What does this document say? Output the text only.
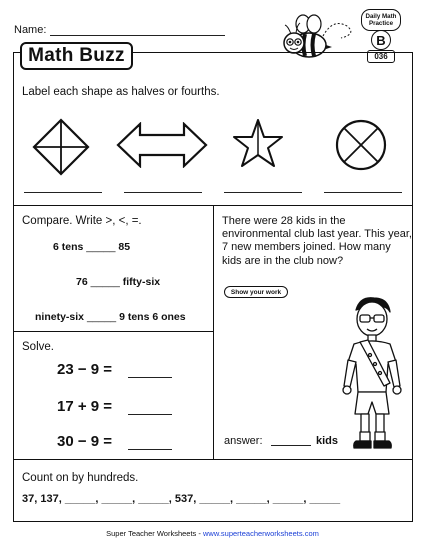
Name:
Daily Math Practice
B
036
Math Buzz
Label each shape as halves or fourths.
Compare. Write >, <, =.
6 tens _____ 85
76 _____ fifty-six
ninety-six _____ 9 tens 6 ones
There were 28 kids in the environmental club last year. This year, 7 new members joined. How many kids are in the club now?
Show your work
answer:	kids
Solve.
23 − 9 =
17 + 9 =
30 − 9 =
Count on by hundreds.
37, 137, _____, _____, _____, 537, _____, _____, _____, _____
Super Teacher Worksheets - www.superteacherworksheets.com
